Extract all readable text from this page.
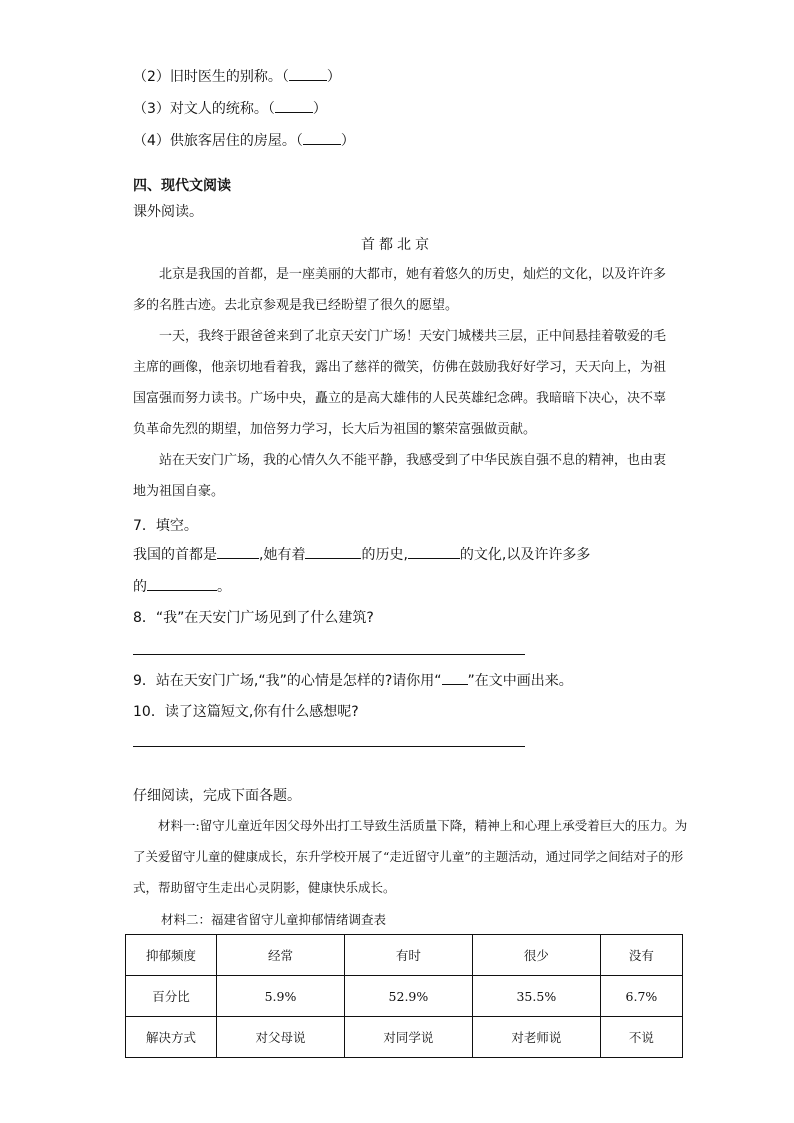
（2）旧时医生的别称。（	）
（3）对文人的统称。（	）
（4）供旅客居住的房屋。（	）
四、现代文阅读
课外阅读。
首都北京

北京是我国的首都，是一座美丽的大都市，她有着悠久的历史，灿烂的文化，以及许许多多的名胜古迹。去北京参观是我已经盼望了很久的愿望。

一天，我终于跟爸爸来到了北京天安门广场！天安门城楼共三层，正中间悬挂着敬爱的毛主席的画像，他亲切地看着我，露出了慈祥的微笑，仿佛在鼓励我好好学习，天天向上，为祖国富强而努力读书。广场中央，矗立的是高大雄伟的人民英雄纪念碑。我暗暗下决心，决不辜负革命先烈的期望，加倍努力学习，长大后为祖国的繁荣富强做贡献。

站在天安门广场，我的心情久久不能平静，我感受到了中华民族自强不息的精神，也由衷地为祖国自豪。

7．填空。
我国的首都是	,她有着	的历史,	的文化,以及许许多多
的	。
8．“我”在天安门广场见到了什么建筑?
9．站在天安门广场,“我”的心情是怎样的?请你用“ ”在文中画出来。
10．读了这篇短文,你有什么感想呢?
仔细阅读，完成下面各题。

材料一:留守儿童近年因父母外出打工导致生活质量下降，精神上和心理上承受着巨大的压力。为了关爱留守儿童的健康成长，东升学校开展了“走近留守儿童”的主题活动，通过同学之间结对子的形式，帮助留守生走出心灵阴影，健康快乐成长。

材料二：福建省留守儿童抑郁情绪调查表
抑郁频度	经常	有时	很少	没有
百分比	5.9%	52.9%	35.5%	6.7%
解决方式	对父母说	对同学说	对老师说	不说
